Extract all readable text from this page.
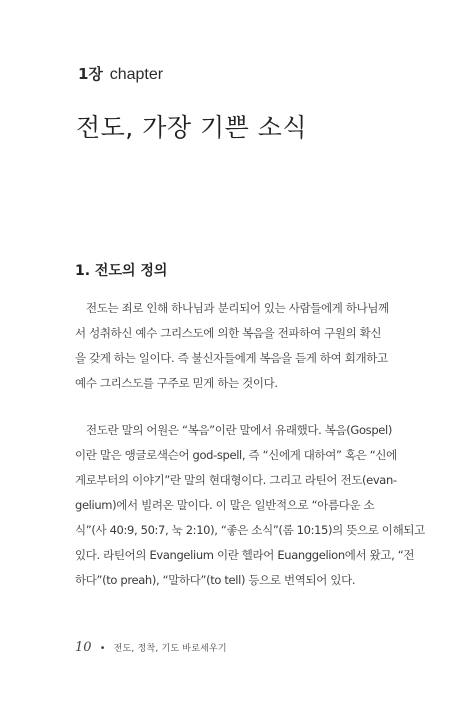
1장 chapter
전도, 가장 기쁜 소식
1. 전도의 정의

전도는 죄로 인해 하나님과 분리되어 있는 사람들에게 하나님께
서 성취하신 예수 그리스도에 의한 복음을 전파하여 구원의 확신
을 갖게 하는 일이다. 즉 불신자들에게 복음을 듣게 하여 회개하고
예수 그리스도를 구주로 믿게 하는 것이다.

전도란 말의 어원은 “복음”이란 말에서 유래했다. 복음(Gospel)
이란 말은 앵글로색슨어 god-spell, 즉 “신에게 대하여” 혹은 “신에
게로부터의 이야기”란 말의 현대형이다. 그리고 라틴어 전도(evan-
gelium)에서 빌려온 말이다. 이 말은 일반적으로 “아름다운 소
식”(사 40:9, 50:7, 눅 2:10), “좋은 소식”(롬 10:15)의 뜻으로 이해되고
있다. 라틴어의 Evangelium 이란 헬라어 Euanggelion에서 왔고, “전
하다”(to preah), “말하다”(to tell) 등으로 번역되어 있다.

10 • 전도, 정착, 기도 바로세우기
